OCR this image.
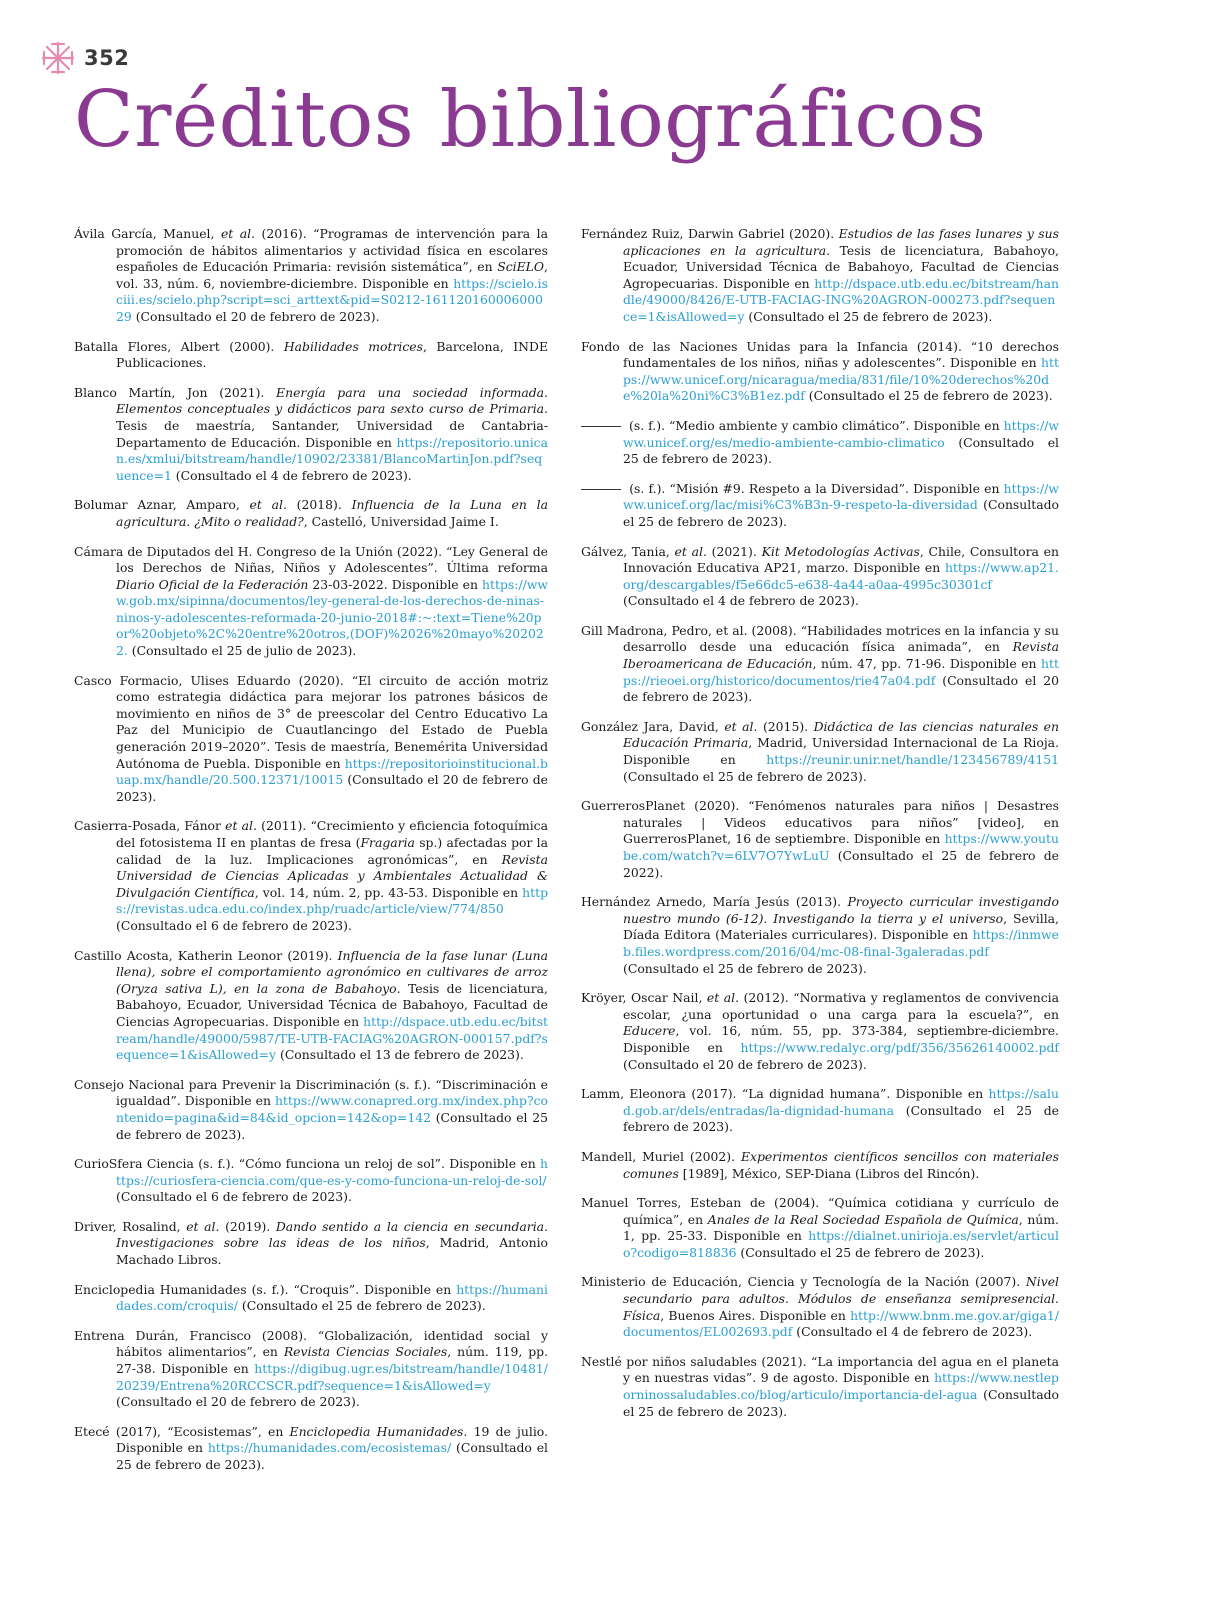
352
Créditos bibliográficos

Ávila García, Manuel, et al. (2016). “Programas de intervención para la promoción de hábitos alimentarios y actividad física en escolares españoles de Educación Primaria: revisión sistemática”, en SciELO, vol. 33, núm. 6, noviembre-diciembre. Disponible en https://scielo.isciii.es/scielo.php?script=sci_arttext&pid=S0212-16112016000600029 (Consultado el 20 de febrero de 2023).

Batalla Flores, Albert (2000). Habilidades motrices, Barcelona, INDE Publicaciones.

Blanco Martín, Jon (2021). Energía para una sociedad informada. Elementos conceptuales y didácticos para sexto curso de Primaria. Tesis de maestría, Santander, Universidad de Cantabria-Departamento de Educación. Disponible en https://repositorio.unican.es/xmlui/bitstream/handle/10902/23381/BlancoMartinJon.pdf?sequence=1 (Consultado el 4 de febrero de 2023).

Bolumar Aznar, Amparo, et al. (2018). Influencia de la Luna en la agricultura. ¿Mito o realidad?, Castelló, Universidad Jaime I.

Cámara de Diputados del H. Congreso de la Unión (2022). “Ley General de los Derechos de Niñas, Niños y Adolescentes”. Última reforma Diario Oficial de la Federación 23-03-2022. Disponible en https://www.gob.mx/sipinna/documentos/ley-general-de-los-derechos-de-ninas-ninos-y-adolescentes-reformada-20-junio-2018#:~:text=Tiene%20por%20objeto%2C%20entre%20otros,(DOF)%2026%20mayo%202022. (Consultado el 25 de julio de 2023).

Casco Formacio, Ulises Eduardo (2020). “El circuito de acción motriz como estrategia didáctica para mejorar los patrones básicos de movimiento en niños de 3° de preescolar del Centro Educativo La Paz del Municipio de Cuautlancingo del Estado de Puebla generación 2019–2020”. Tesis de maestría, Benemérita Universidad Autónoma de Puebla. Disponible en https://repositorioinstitucional.buap.mx/handle/20.500.12371/10015 (Consultado el 20 de febrero de 2023).

Casierra-Posada, Fánor et al. (2011). “Crecimiento y eficiencia fotoquímica del fotosistema II en plantas de fresa (Fragaria sp.) afectadas por la calidad de la luz. Implicaciones agronómicas”, en Revista Universidad de Ciencias Aplicadas y Ambientales Actualidad & Divulgación Científica, vol. 14, núm. 2, pp. 43-53. Disponible en https://revistas.udca.edu.co/index.php/ruadc/article/view/774/850 (Consultado el 6 de febrero de 2023).

Castillo Acosta, Katherin Leonor (2019). Influencia de la fase lunar (Luna llena), sobre el comportamiento agronómico en cultivares de arroz (Oryza sativa L), en la zona de Babahoyo. Tesis de licenciatura, Babahoyo, Ecuador, Universidad Técnica de Babahoyo, Facultad de Ciencias Agropecuarias. Disponible en http://dspace.utb.edu.ec/bitstream/handle/49000/5987/TE-UTB-FACIAG%20AGRON-000157.pdf?sequence=1&isAllowed=y (Consultado el 13 de febrero de 2023).

Consejo Nacional para Prevenir la Discriminación (s. f.). “Discriminación e igualdad”. Disponible en https://www.conapred.org.mx/index.php?contenido=pagina&id=84&id_opcion=142&op=142 (Consultado el 25 de febrero de 2023).

CurioSfera Ciencia (s. f.). “Cómo funciona un reloj de sol”. Disponible en https://curiosfera-ciencia.com/que-es-y-como-funciona-un-reloj-de-sol/ (Consultado el 6 de febrero de 2023).

Driver, Rosalind, et al. (2019). Dando sentido a la ciencia en secundaria. Investigaciones sobre las ideas de los niños, Madrid, Antonio Machado Libros.

Enciclopedia Humanidades (s. f.). “Croquis”. Disponible en https://humanidades.com/croquis/ (Consultado el 25 de febrero de 2023).

Entrena Durán, Francisco (2008). “Globalización, identidad social y hábitos alimentarios”, en Revista Ciencias Sociales, núm. 119, pp. 27-38. Disponible en https://digibug.ugr.es/bitstream/handle/10481/20239/Entrena%20RCCSCR.pdf?sequence=1&isAllowed=y (Consultado el 20 de febrero de 2023).

Etecé (2017), “Ecosistemas”, en Enciclopedia Humanidades. 19 de julio. Disponible en https://humanidades.com/ecosistemas/ (Consultado el 25 de febrero de 2023).

Fernández Ruiz, Darwin Gabriel (2020). Estudios de las fases lunares y sus aplicaciones en la agricultura. Tesis de licenciatura, Babahoyo, Ecuador, Universidad Técnica de Babahoyo, Facultad de Ciencias Agropecuarias. Disponible en http://dspace.utb.edu.ec/bitstream/handle/49000/8426/E-UTB-FACIAG-ING%20AGRON-000273.pdf?sequence=1&isAllowed=y (Consultado el 25 de febrero de 2023).

Fondo de las Naciones Unidas para la Infancia (2014). “10 derechos fundamentales de los niños, niñas y adolescentes”. Disponible en https://www.unicef.org/nicaragua/media/831/file/10%20derechos%20de%20la%20ni%C3%B1ez.pdf (Consultado el 25 de febrero de 2023).

(s. f.). “Medio ambiente y cambio climático”. Disponible en https://www.unicef.org/es/medio-ambiente-cambio-climatico (Consultado el 25 de febrero de 2023).

(s. f.). “Misión #9. Respeto a la Diversidad”. Disponible en https://www.unicef.org/lac/misi%C3%B3n-9-respeto-la-diversidad (Consultado el 25 de febrero de 2023).

Gálvez, Tania, et al. (2021). Kit Metodologías Activas, Chile, Consultora en Innovación Educativa AP21, marzo. Disponible en https://www.ap21.org/descargables/f5e66dc5-e638-4a44-a0aa-4995c30301cf (Consultado el 4 de febrero de 2023).

Gill Madrona, Pedro, et al. (2008). “Habilidades motrices en la infancia y su desarrollo desde una educación física animada”, en Revista Iberoamericana de Educación, núm. 47, pp. 71-96. Disponible en https://rieoei.org/historico/documentos/rie47a04.pdf (Consultado el 20 de febrero de 2023).

González Jara, David, et al. (2015). Didáctica de las ciencias naturales en Educación Primaria, Madrid, Universidad Internacional de La Rioja. Disponible en https://reunir.unir.net/handle/123456789/4151 (Consultado el 25 de febrero de 2023).

GuerrerosPlanet (2020). “Fenómenos naturales para niños | Desastres naturales | Videos educativos para niños” [video], en GuerrerosPlanet, 16 de septiembre. Disponible en https://www.youtube.com/watch?v=6LV7O7YwLuU (Consultado el 25 de febrero de 2022).

Hernández Arnedo, María Jesús (2013). Proyecto curricular investigando nuestro mundo (6-12). Investigando la tierra y el universo, Sevilla, Díada Editora (Materiales curriculares). Disponible en https://inmweb.files.wordpress.com/2016/04/mc-08-final-3galeradas.pdf (Consultado el 25 de febrero de 2023).

Kröyer, Oscar Nail, et al. (2012). “Normativa y reglamentos de convivencia escolar, ¿una oportunidad o una carga para la escuela?”, en Educere, vol. 16, núm. 55, pp. 373-384, septiembre-diciembre. Disponible en https://www.redalyc.org/pdf/356/35626140002.pdf (Consultado el 20 de febrero de 2023).

Lamm, Eleonora (2017). “La dignidad humana”. Disponible en https://salud.gob.ar/dels/entradas/la-dignidad-humana (Consultado el 25 de febrero de 2023).

Mandell, Muriel (2002). Experimentos científicos sencillos con materiales comunes [1989], México, SEP-Diana (Libros del Rincón).

Manuel Torres, Esteban de (2004). “Química cotidiana y currículo de química”, en Anales de la Real Sociedad Española de Química, núm. 1, pp. 25-33. Disponible en https://dialnet.unirioja.es/servlet/articulo?codigo=818836 (Consultado el 25 de febrero de 2023).

Ministerio de Educación, Ciencia y Tecnología de la Nación (2007). Nivel secundario para adultos. Módulos de enseñanza semipresencial. Física, Buenos Aires. Disponible en http://www.bnm.me.gov.ar/giga1/documentos/EL002693.pdf (Consultado el 4 de febrero de 2023).

Nestlé por niños saludables (2021). “La importancia del agua en el planeta y en nuestras vidas”. 9 de agosto. Disponible en https://www.nestleporninossaludables.co/blog/articulo/importancia-del-agua (Consultado el 25 de febrero de 2023).
